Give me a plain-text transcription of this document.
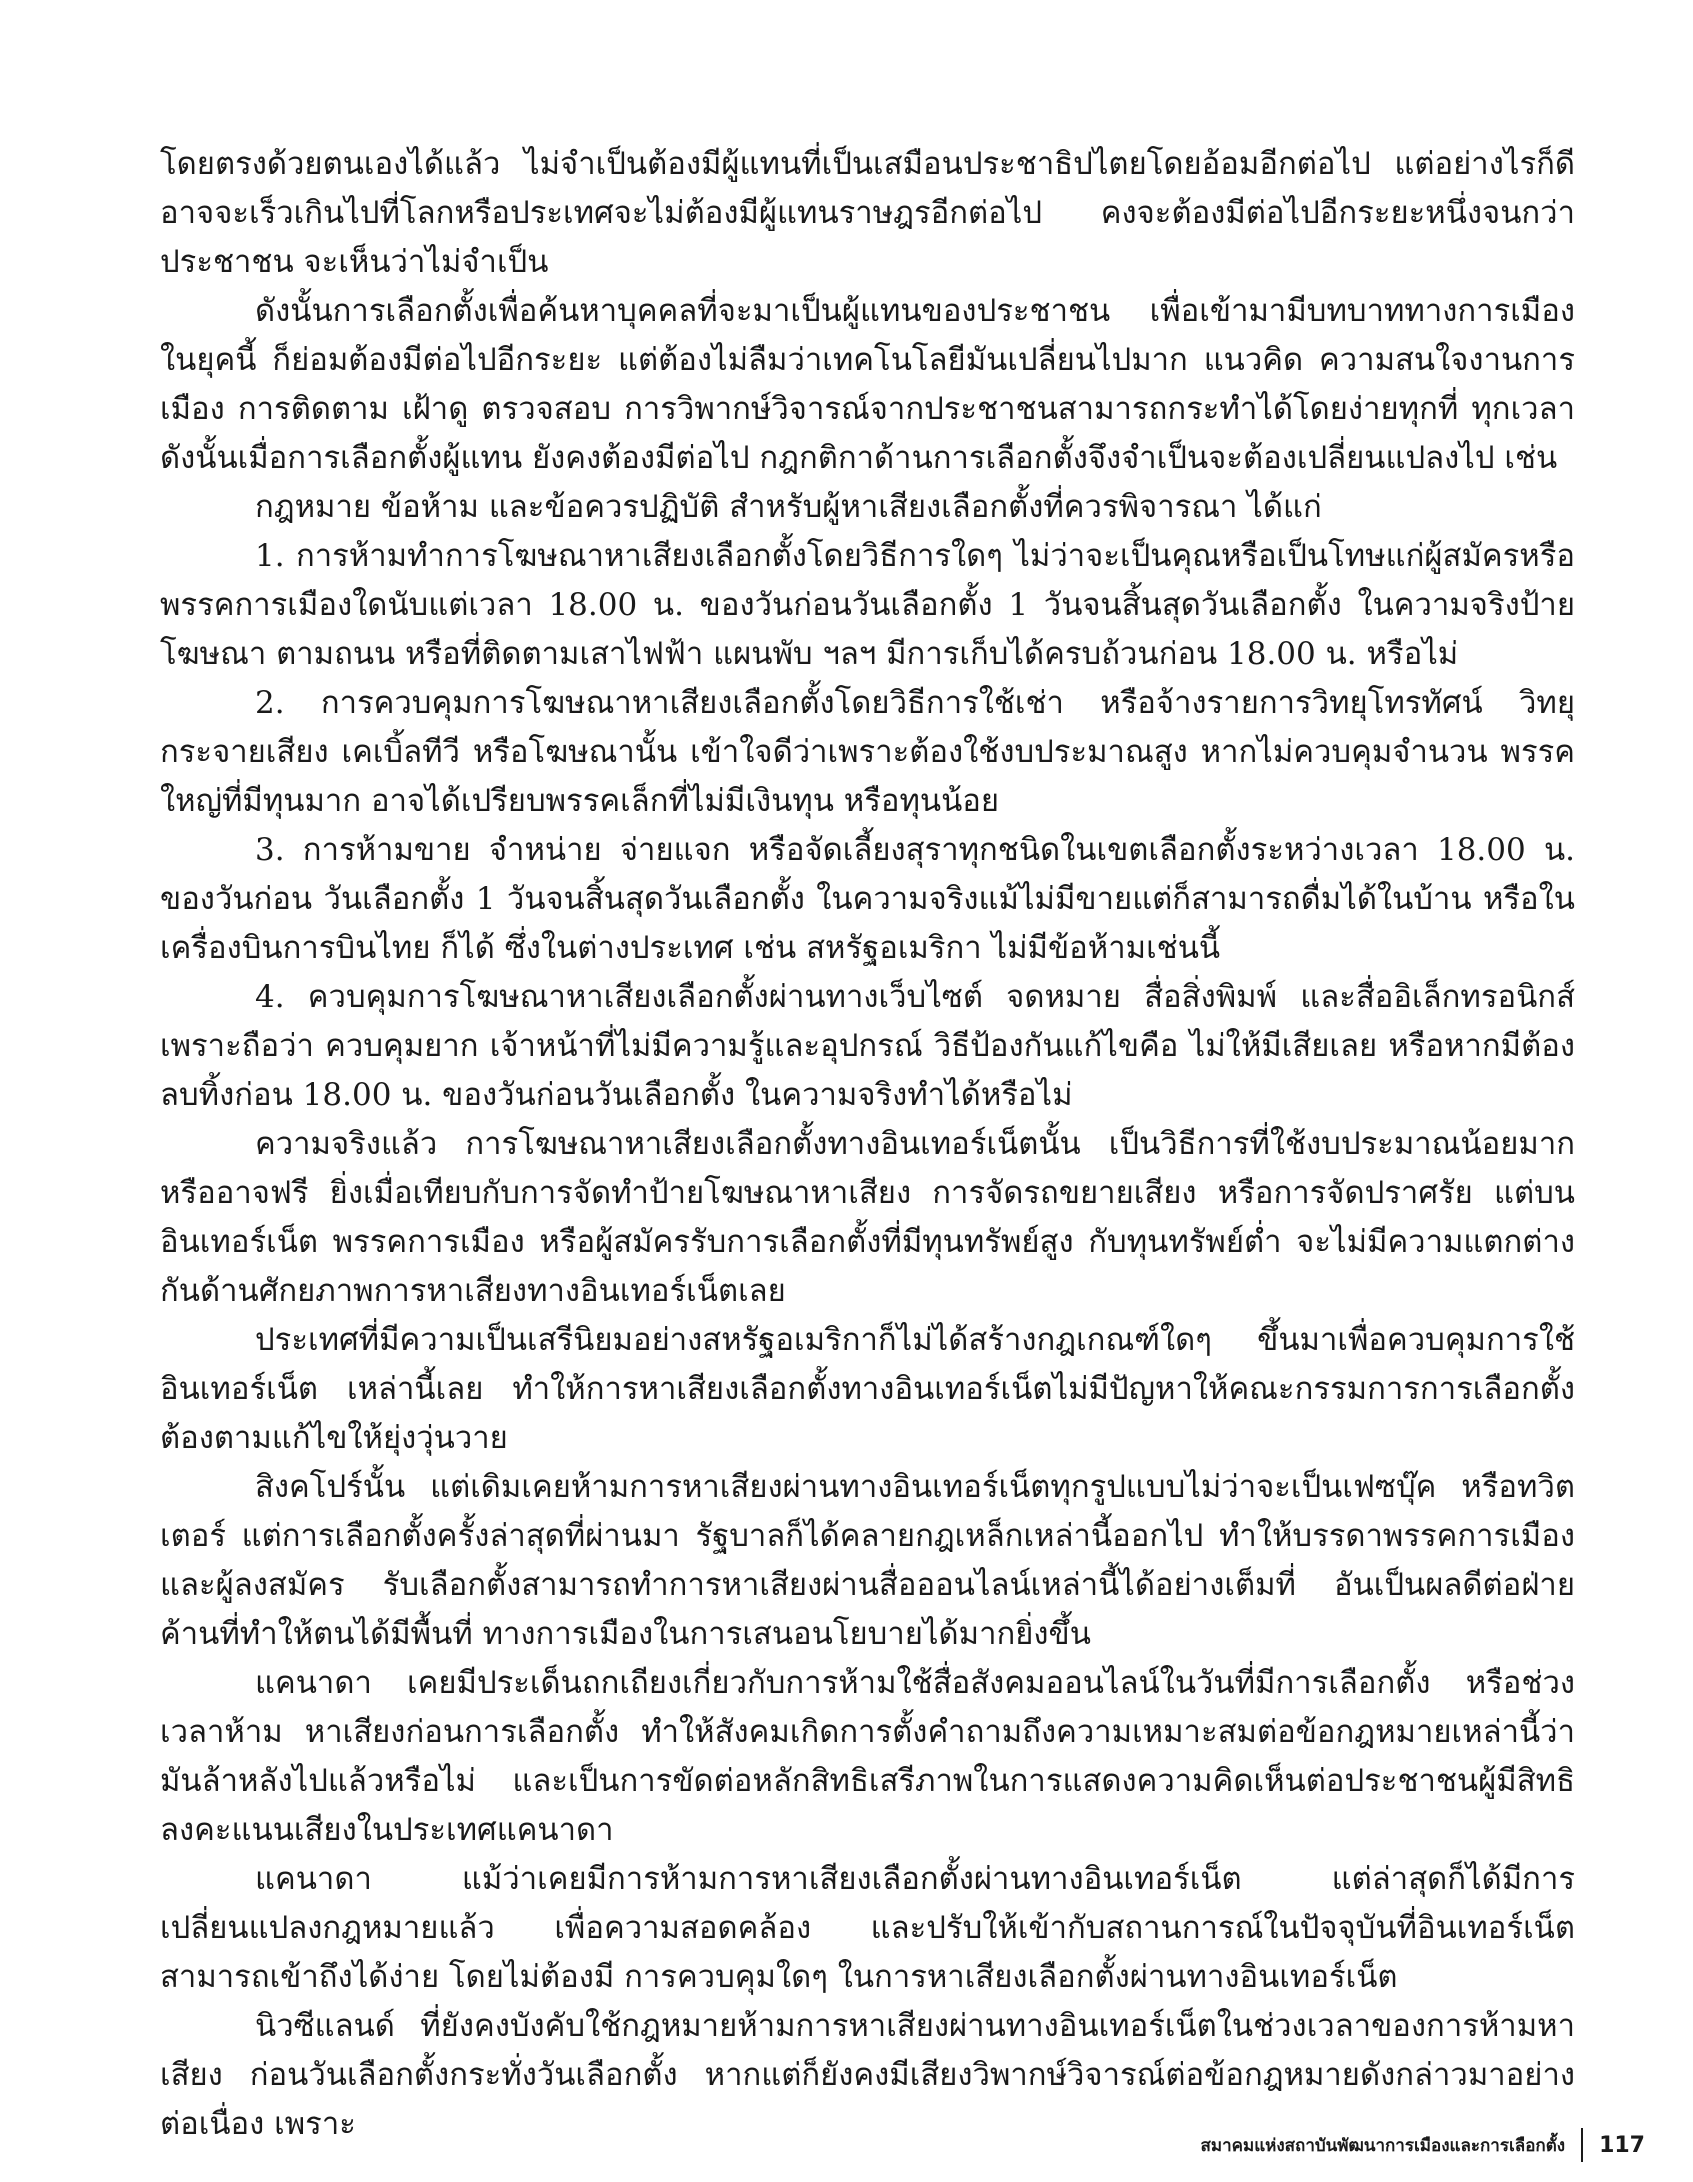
โดยตรงด้วยตนเองได้แล้ว ไม่จำเป็นต้องมีผู้แทนที่เป็นเสมือนประชาธิปไตยโดยอ้อมอีกต่อไป แต่อย่างไรก็ดี อาจจะเร็วเกินไปที่โลกหรือประเทศจะไม่ต้องมีผู้แทนราษฎรอีกต่อไป คงจะต้องมีต่อไปอีกระยะหนึ่งจนกว่าประชาชน จะเห็นว่าไม่จำเป็น

ดังนั้นการเลือกตั้งเพื่อค้นหาบุคคลที่จะมาเป็นผู้แทนของประชาชน เพื่อเข้ามามีบทบาททางการเมืองในยุคนี้ ก็ย่อมต้องมีต่อไปอีกระยะ แต่ต้องไม่ลืมว่าเทคโนโลยีมันเปลี่ยนไปมาก แนวคิด ความสนใจงานการเมือง การติดตาม เฝ้าดู ตรวจสอบ การวิพากษ์วิจารณ์จากประชาชนสามารถกระทำได้โดยง่ายทุกที่ ทุกเวลา ดังนั้นเมื่อการเลือกตั้งผู้แทน ยังคงต้องมีต่อไป กฎกติกาด้านการเลือกตั้งจึงจำเป็นจะต้องเปลี่ยนแปลงไป เช่น

กฎหมาย ข้อห้าม และข้อควรปฏิบัติ สำหรับผู้หาเสียงเลือกตั้งที่ควรพิจารณา ได้แก่

1. การห้ามทำการโฆษณาหาเสียงเลือกตั้งโดยวิธีการใดๆ ไม่ว่าจะเป็นคุณหรือเป็นโทษแก่ผู้สมัครหรือ พรรคการเมืองใดนับแต่เวลา 18.00 น. ของวันก่อนวันเลือกตั้ง 1 วันจนสิ้นสุดวันเลือกตั้ง ในความจริงป้ายโฆษณา ตามถนน หรือที่ติดตามเสาไฟฟ้า แผนพับ ฯลฯ มีการเก็บได้ครบถ้วนก่อน 18.00 น. หรือไม่

2. การควบคุมการโฆษณาหาเสียงเลือกตั้งโดยวิธีการใช้เช่า หรือจ้างรายการวิทยุโทรทัศน์ วิทยุกระจายเสียง เคเบิ้ลทีวี หรือโฆษณานั้น เข้าใจดีว่าเพราะต้องใช้งบประมาณสูง หากไม่ควบคุมจำนวน พรรคใหญ่ที่มีทุนมาก อาจได้เปรียบพรรคเล็กที่ไม่มีเงินทุน หรือทุนน้อย

3. การห้ามขาย จำหน่าย จ่ายแจก หรือจัดเลี้ยงสุราทุกชนิดในเขตเลือกตั้งระหว่างเวลา 18.00 น. ของวันก่อน วันเลือกตั้ง 1 วันจนสิ้นสุดวันเลือกตั้ง ในความจริงแม้ไม่มีขายแต่ก็สามารถดื่มได้ในบ้าน หรือในเครื่องบินการบินไทย ก็ได้ ซึ่งในต่างประเทศ เช่น สหรัฐอเมริกา ไม่มีข้อห้ามเช่นนี้

4. ควบคุมการโฆษณาหาเสียงเลือกตั้งผ่านทางเว็บไซต์ จดหมาย สื่อสิ่งพิมพ์ และสื่ออิเล็กทรอนิกส์ เพราะถือว่า ควบคุมยาก เจ้าหน้าที่ไม่มีความรู้และอุปกรณ์ วิธีป้องกันแก้ไขคือ ไม่ให้มีเสียเลย หรือหากมีต้องลบทิ้งก่อน 18.00 น. ของวันก่อนวันเลือกตั้ง ในความจริงทำได้หรือไม่

ความจริงแล้ว การโฆษณาหาเสียงเลือกตั้งทางอินเทอร์เน็ตนั้น เป็นวิธีการที่ใช้งบประมาณน้อยมาก หรืออาจฟรี ยิ่งเมื่อเทียบกับการจัดทำป้ายโฆษณาหาเสียง การจัดรถขยายเสียง หรือการจัดปราศรัย แต่บนอินเทอร์เน็ต พรรคการเมือง หรือผู้สมัครรับการเลือกตั้งที่มีทุนทรัพย์สูง กับทุนทรัพย์ต่ำ จะไม่มีความแตกต่างกันด้านศักยภาพการหาเสียงทางอินเทอร์เน็ตเลย

ประเทศที่มีความเป็นเสรีนิยมอย่างสหรัฐอเมริกาก็ไม่ได้สร้างกฎเกณฑ์ใดๆ ขึ้นมาเพื่อควบคุมการใช้อินเทอร์เน็ต เหล่านี้เลย ทำให้การหาเสียงเลือกตั้งทางอินเทอร์เน็ตไม่มีปัญหาให้คณะกรรมการการเลือกตั้งต้องตามแก้ไขให้ยุ่งวุ่นวาย

สิงคโปร์นั้น แต่เดิมเคยห้ามการหาเสียงผ่านทางอินเทอร์เน็ตทุกรูปแบบไม่ว่าจะเป็นเฟซบุ๊ค หรือทวิตเตอร์ แต่การเลือกตั้งครั้งล่าสุดที่ผ่านมา รัฐบาลก็ได้คลายกฎเหล็กเหล่านี้ออกไป ทำให้บรรดาพรรคการเมือง และผู้ลงสมัคร รับเลือกตั้งสามารถทำการหาเสียงผ่านสื่อออนไลน์เหล่านี้ได้อย่างเต็มที่ อันเป็นผลดีต่อฝ่ายค้านที่ทำให้ตนได้มีพื้นที่ ทางการเมืองในการเสนอนโยบายได้มากยิ่งขึ้น

แคนาดา เคยมีประเด็นถกเถียงเกี่ยวกับการห้ามใช้สื่อสังคมออนไลน์ในวันที่มีการเลือกตั้ง หรือช่วงเวลาห้าม หาเสียงก่อนการเลือกตั้ง ทำให้สังคมเกิดการตั้งคำถามถึงความเหมาะสมต่อข้อกฎหมายเหล่านี้ว่ามันล้าหลังไปแล้วหรือไม่ และเป็นการขัดต่อหลักสิทธิเสรีภาพในการแสดงความคิดเห็นต่อประชาชนผู้มีสิทธิลงคะแนนเสียงในประเทศแคนาดา

แคนาดา แม้ว่าเคยมีการห้ามการหาเสียงเลือกตั้งผ่านทางอินเทอร์เน็ต แต่ล่าสุดก็ได้มีการเปลี่ยนแปลงกฎหมายแล้ว เพื่อความสอดคล้อง และปรับให้เข้ากับสถานการณ์ในปัจจุบันที่อินเทอร์เน็ตสามารถเข้าถึงได้ง่าย โดยไม่ต้องมี การควบคุมใดๆ ในการหาเสียงเลือกตั้งผ่านทางอินเทอร์เน็ต

นิวซีแลนด์ ที่ยังคงบังคับใช้กฎหมายห้ามการหาเสียงผ่านทางอินเทอร์เน็ตในช่วงเวลาของการห้ามหาเสียง ก่อนวันเลือกตั้งกระทั่งวันเลือกตั้ง หากแต่ก็ยังคงมีเสียงวิพากษ์วิจารณ์ต่อข้อกฎหมายดังกล่าวมาอย่างต่อเนื่อง เพราะ

สมาคมแห่งสถาบันพัฒนาการเมืองและการเลือกตั้ง 117
